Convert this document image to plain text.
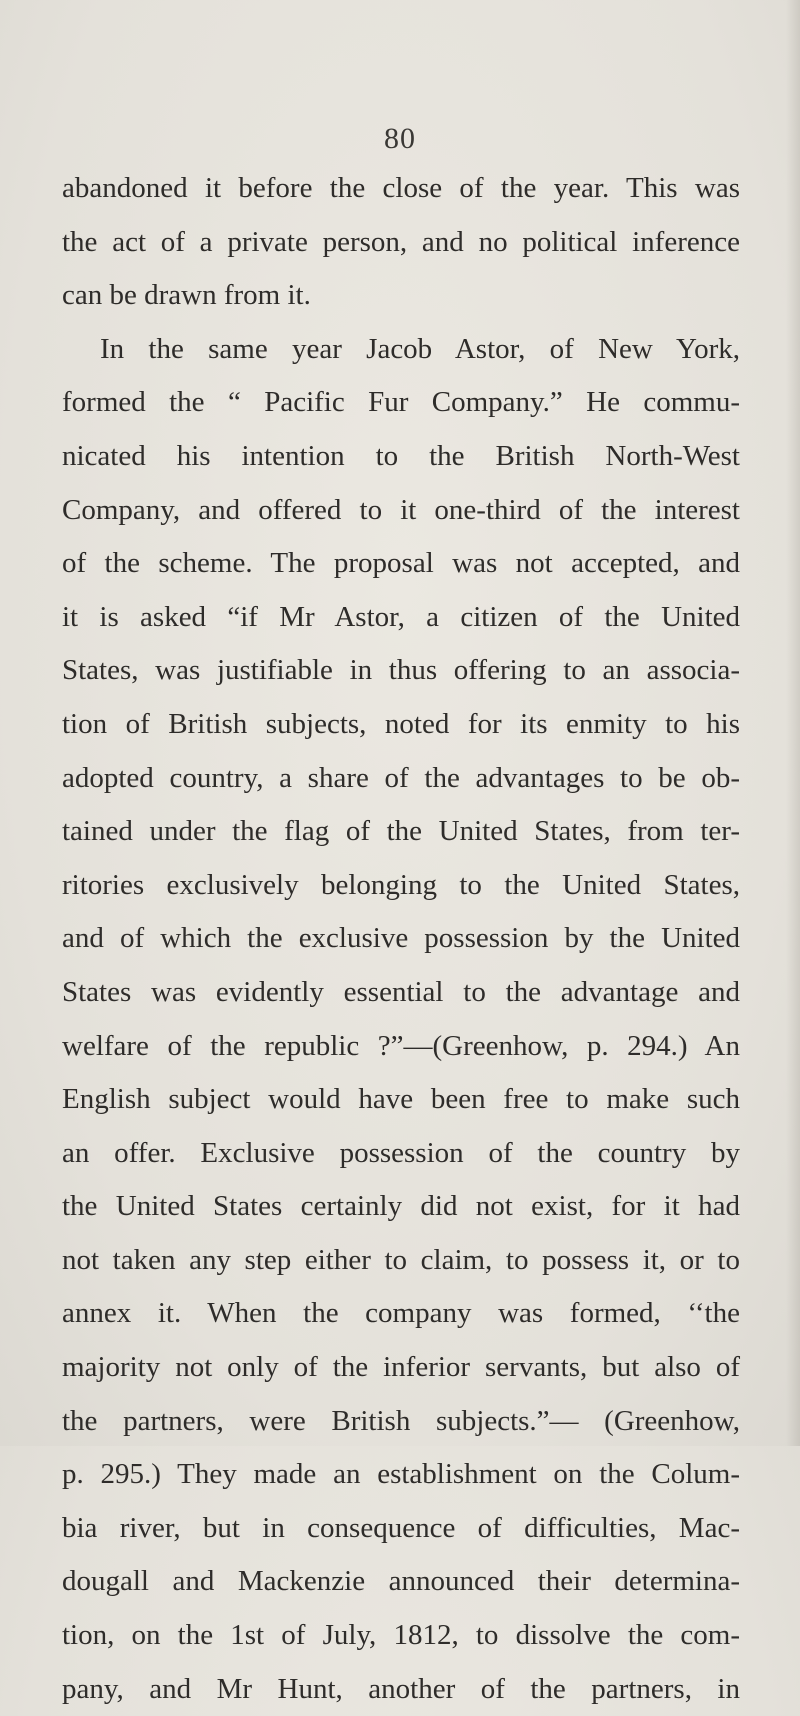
80
abandoned it before the close of the year. This was
the act of a private person, and no political inference
can be drawn from it.
In the same year Jacob Astor, of New York,
formed the “ Pacific Fur Company.” He commu-
nicated his intention to the British North-West
Company, and offered to it one-third of the interest
of the scheme. The proposal was not accepted, and
it is asked “if Mr Astor, a citizen of the United
States, was justifiable in thus offering to an associa-
tion of British subjects, noted for its enmity to his
adopted country, a share of the advantages to be ob-
tained under the flag of the United States, from ter-
ritories exclusively belonging to the United States,
and of which the exclusive possession by the United
States was evidently essential to the advantage and
welfare of the republic ?”—(Greenhow, p. 294.) An
English subject would have been free to make such
an offer. Exclusive possession of the country by
the United States certainly did not exist, for it had
not taken any step either to claim, to possess it, or to
annex it. When the company was formed, ‘‘the
majority not only of the inferior servants, but also of
the partners, were British subjects.”— (Greenhow,
p. 295.) They made an establishment on the Colum-
bia river, but in consequence of difficulties, Mac-
dougall and Mackenzie announced their determina-
tion, on the 1st of July, 1812, to dissolve the com-
pany, and Mr Hunt, another of the partners, in
